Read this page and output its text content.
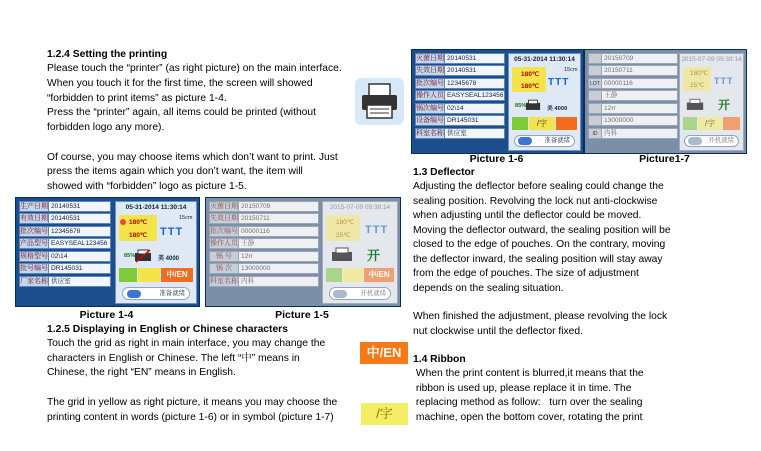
1.2.4 Setting the printing
Please touch the “printer” (as right picture) on the main interface.
When you touch it for the first time, the screen will showed
“forbidden to print items” as picture 1-4.
Press the “printer” again, all items could be printed (without
forbidden logo any more).
Of course, you may choose items which don’t want to print. Just
press the items again which you don’t want, the item will
showed with “forbidden” logo as picture 1-5.
生产日期 20140531
有效日期 20140531
批次编号 12345678
产品型号 EASYSEAL123456
规格型号 02\14
批号编号 DR145031
厂家名称 供应室
05-31-2014 11:30:14
180℃
180℃ TTT
15cm
85%	美 4000
中/EN
准备就绪
灭菌日期 20150709
失效日期 20150711
批次编号 00000116
操作人员 王静
锅 号	12rr
锅 次	13000000
科室名称 内科
2015-07-09 09:38:14
180℃
25℃ TTT
开
中/EN
开机就绪
Picture 1-4	Picture 1-5
1.2.5 Displaying in English or Chinese characters
Touch the grid as right in main interface, you may change the
characters in English or Chinese. The left “中” means in
Chinese, the right “EN” means in English.
中/EN
The grid in yellow as right picture, it means you may choose the
printing content in words (picture 1-6) or in symbol (picture 1-7)	/字
灭菌日期 20140531
失效日期 20140531
批次编号 12345678
操作人员 EASYSEAL123456
锅次编号 02\14
设备编号 DR145031
科室名称 供应室
05-31-2014 11:30:14
180℃
180℃ TTT
15cm
85%	美 4000
/字
准备就绪
20150709
20150711
LOT 00000116
王静
12rr
13000000
ID 内科
2015-07-09 09:38:14
180℃
25℃ TTT
开
/字
开机就绪
Picture 1-6	Picture1-7
1.3 Deflector
Adjusting the deflector before sealing could change the
sealing position. Revolving the lock nut anti-clockwise
when adjusting until the deflector could be moved.
Moving the deflector outward, the sealing position will be
closed to the edge of pouches. On the contrary, moving
the deflector inward, the sealing position will stay away
from the edge of pouches. The size of adjustment
depends on the sealing situation.
When finished the adjustment, please revolving the lock
nut clockwise until the deflector fixed.
1.4 Ribbon
When the print content is blurred,it means that the
ribbon is used up, please replace it in time. The
replacing method as follow:   turn over the sealing
machine, open the bottom cover, rotating the print
